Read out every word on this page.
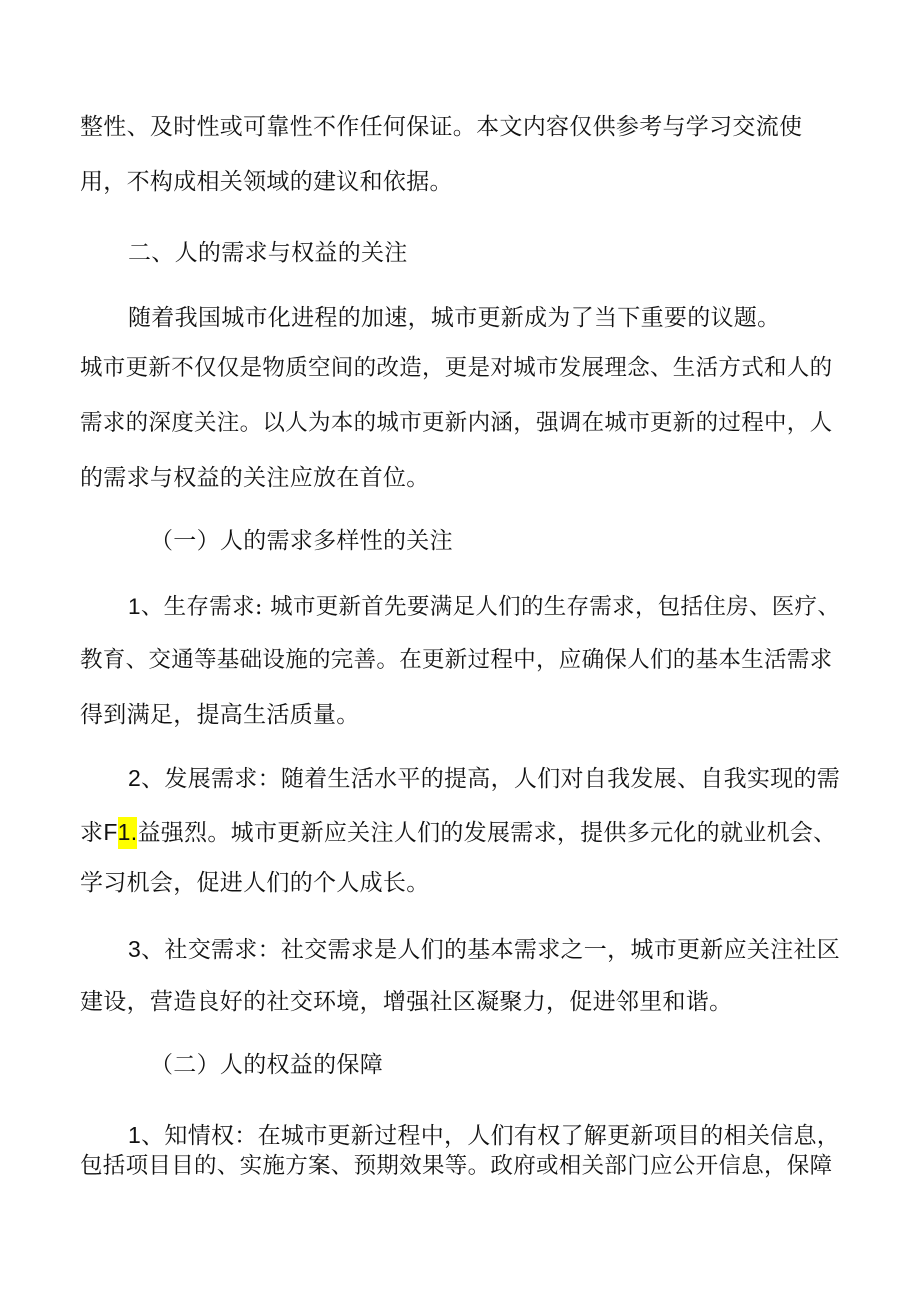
整性、及时性或可靠性不作任何保证。本文内容仅供参考与学习交流使
用，不构成相关领域的建议和依据。
二、人的需求与权益的关注
随着我国城市化进程的加速，城市更新成为了当下重要的议题。
城市更新不仅仅是物质空间的改造，更是对城市发展理念、生活方式和人的
需求的深度关注。以人为本的城市更新内涵，强调在城市更新的过程中，人
的需求与权益的关注应放在首位。
（一）人的需求多样性的关注
1、生存需求: 城市更新首先要满足人们的生存需求，包括住房、医疗、
教育、交通等基础设施的完善。在更新过程中，应确保人们的基本生活需求
得到满足，提高生活质量。
2、发展需求：随着生活水平的提高，人们对自我发展、自我实现的需
求F1.益强烈。城市更新应关注人们的发展需求，提供多元化的就业机会、
学习机会，促进人们的个人成长。
3、社交需求：社交需求是人们的基本需求之一，城市更新应关注社区
建设，营造良好的社交环境，增强社区凝聚力，促进邻里和谐。
（二）人的权益的保障
1、知情权：在城市更新过程中，人们有权了解更新项目的相关信息，
包括项目目的、实施方案、预期效果等。政府或相关部门应公开信息，保障
